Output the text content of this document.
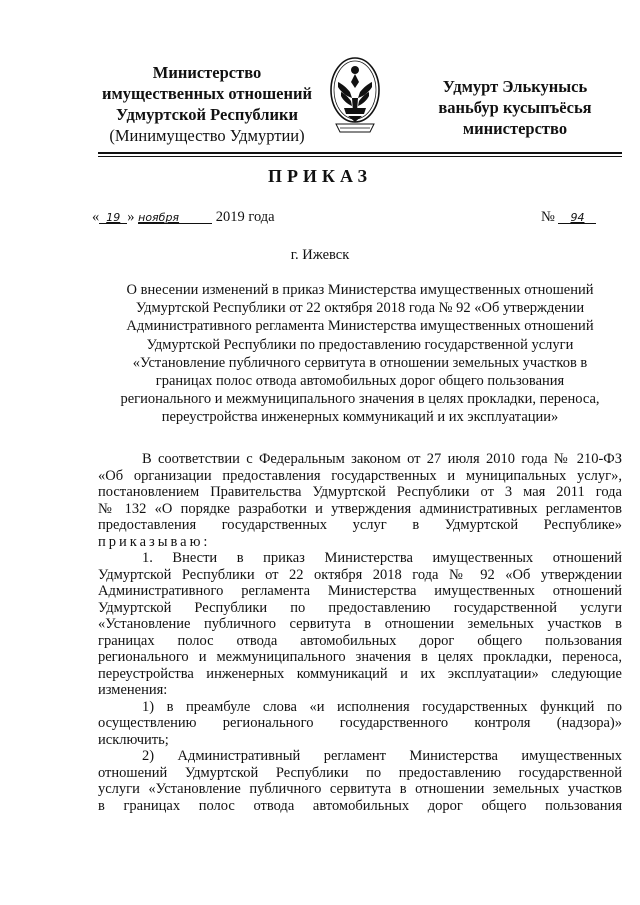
Министерство
имущественных отношений
Удмуртской Республики
(Минимущество Удмуртии)
Удмурт Элькунысь
ваньбур кусыпъёсья
министерство
ПРИКАЗ
« 19 » ноября	2019 года	№ 94
г. Ижевск
О внесении изменений в приказ Министерства имущественных отношений
Удмуртской Республики от 22 октября 2018 года № 92 «Об утверждении
Административного регламента Министерства имущественных отношений
Удмуртской Республики по предоставлению государственной услуги
«Установление публичного сервитута в отношении земельных участков в
границах полос отвода автомобильных дорог общего пользования
регионального и межмуниципального значения в целях прокладки, переноса,
переустройства инженерных коммуникаций и их эксплуатации»

В соответствии с Федеральным законом от 27 июля 2010 года № 210-ФЗ

«Об организации предоставления государственных и муниципальных услуг»,

постановлением Правительства Удмуртской Республики от 3 мая 2011 года

№ 132 «О порядке разработки и утверждения административных регламентов

предоставления государственных услуг в Удмуртской Республике»

приказываю:

1. Внести в приказ Министерства имущественных отношений

Удмуртской Республики от 22 октября 2018 года № 92 «Об утверждении

Административного регламента Министерства имущественных отношений

Удмуртской Республики по предоставлению государственной услуги

«Установление публичного сервитута в отношении земельных участков в

границах полос отвода автомобильных дорог общего пользования

регионального и межмуниципального значения в целях прокладки, переноса,

переустройства инженерных коммуникаций и их эксплуатации» следующие

изменения:

1) в преамбуле слова «и исполнения государственных функций по

осуществлению регионального государственного контроля (надзора)»

исключить;

2) Административный регламент Министерства имущественных

отношений Удмуртской Республики по предоставлению государственной

услуги «Установление публичного сервитута в отношении земельных участков

в границах полос отвода автомобильных дорог общего пользования
